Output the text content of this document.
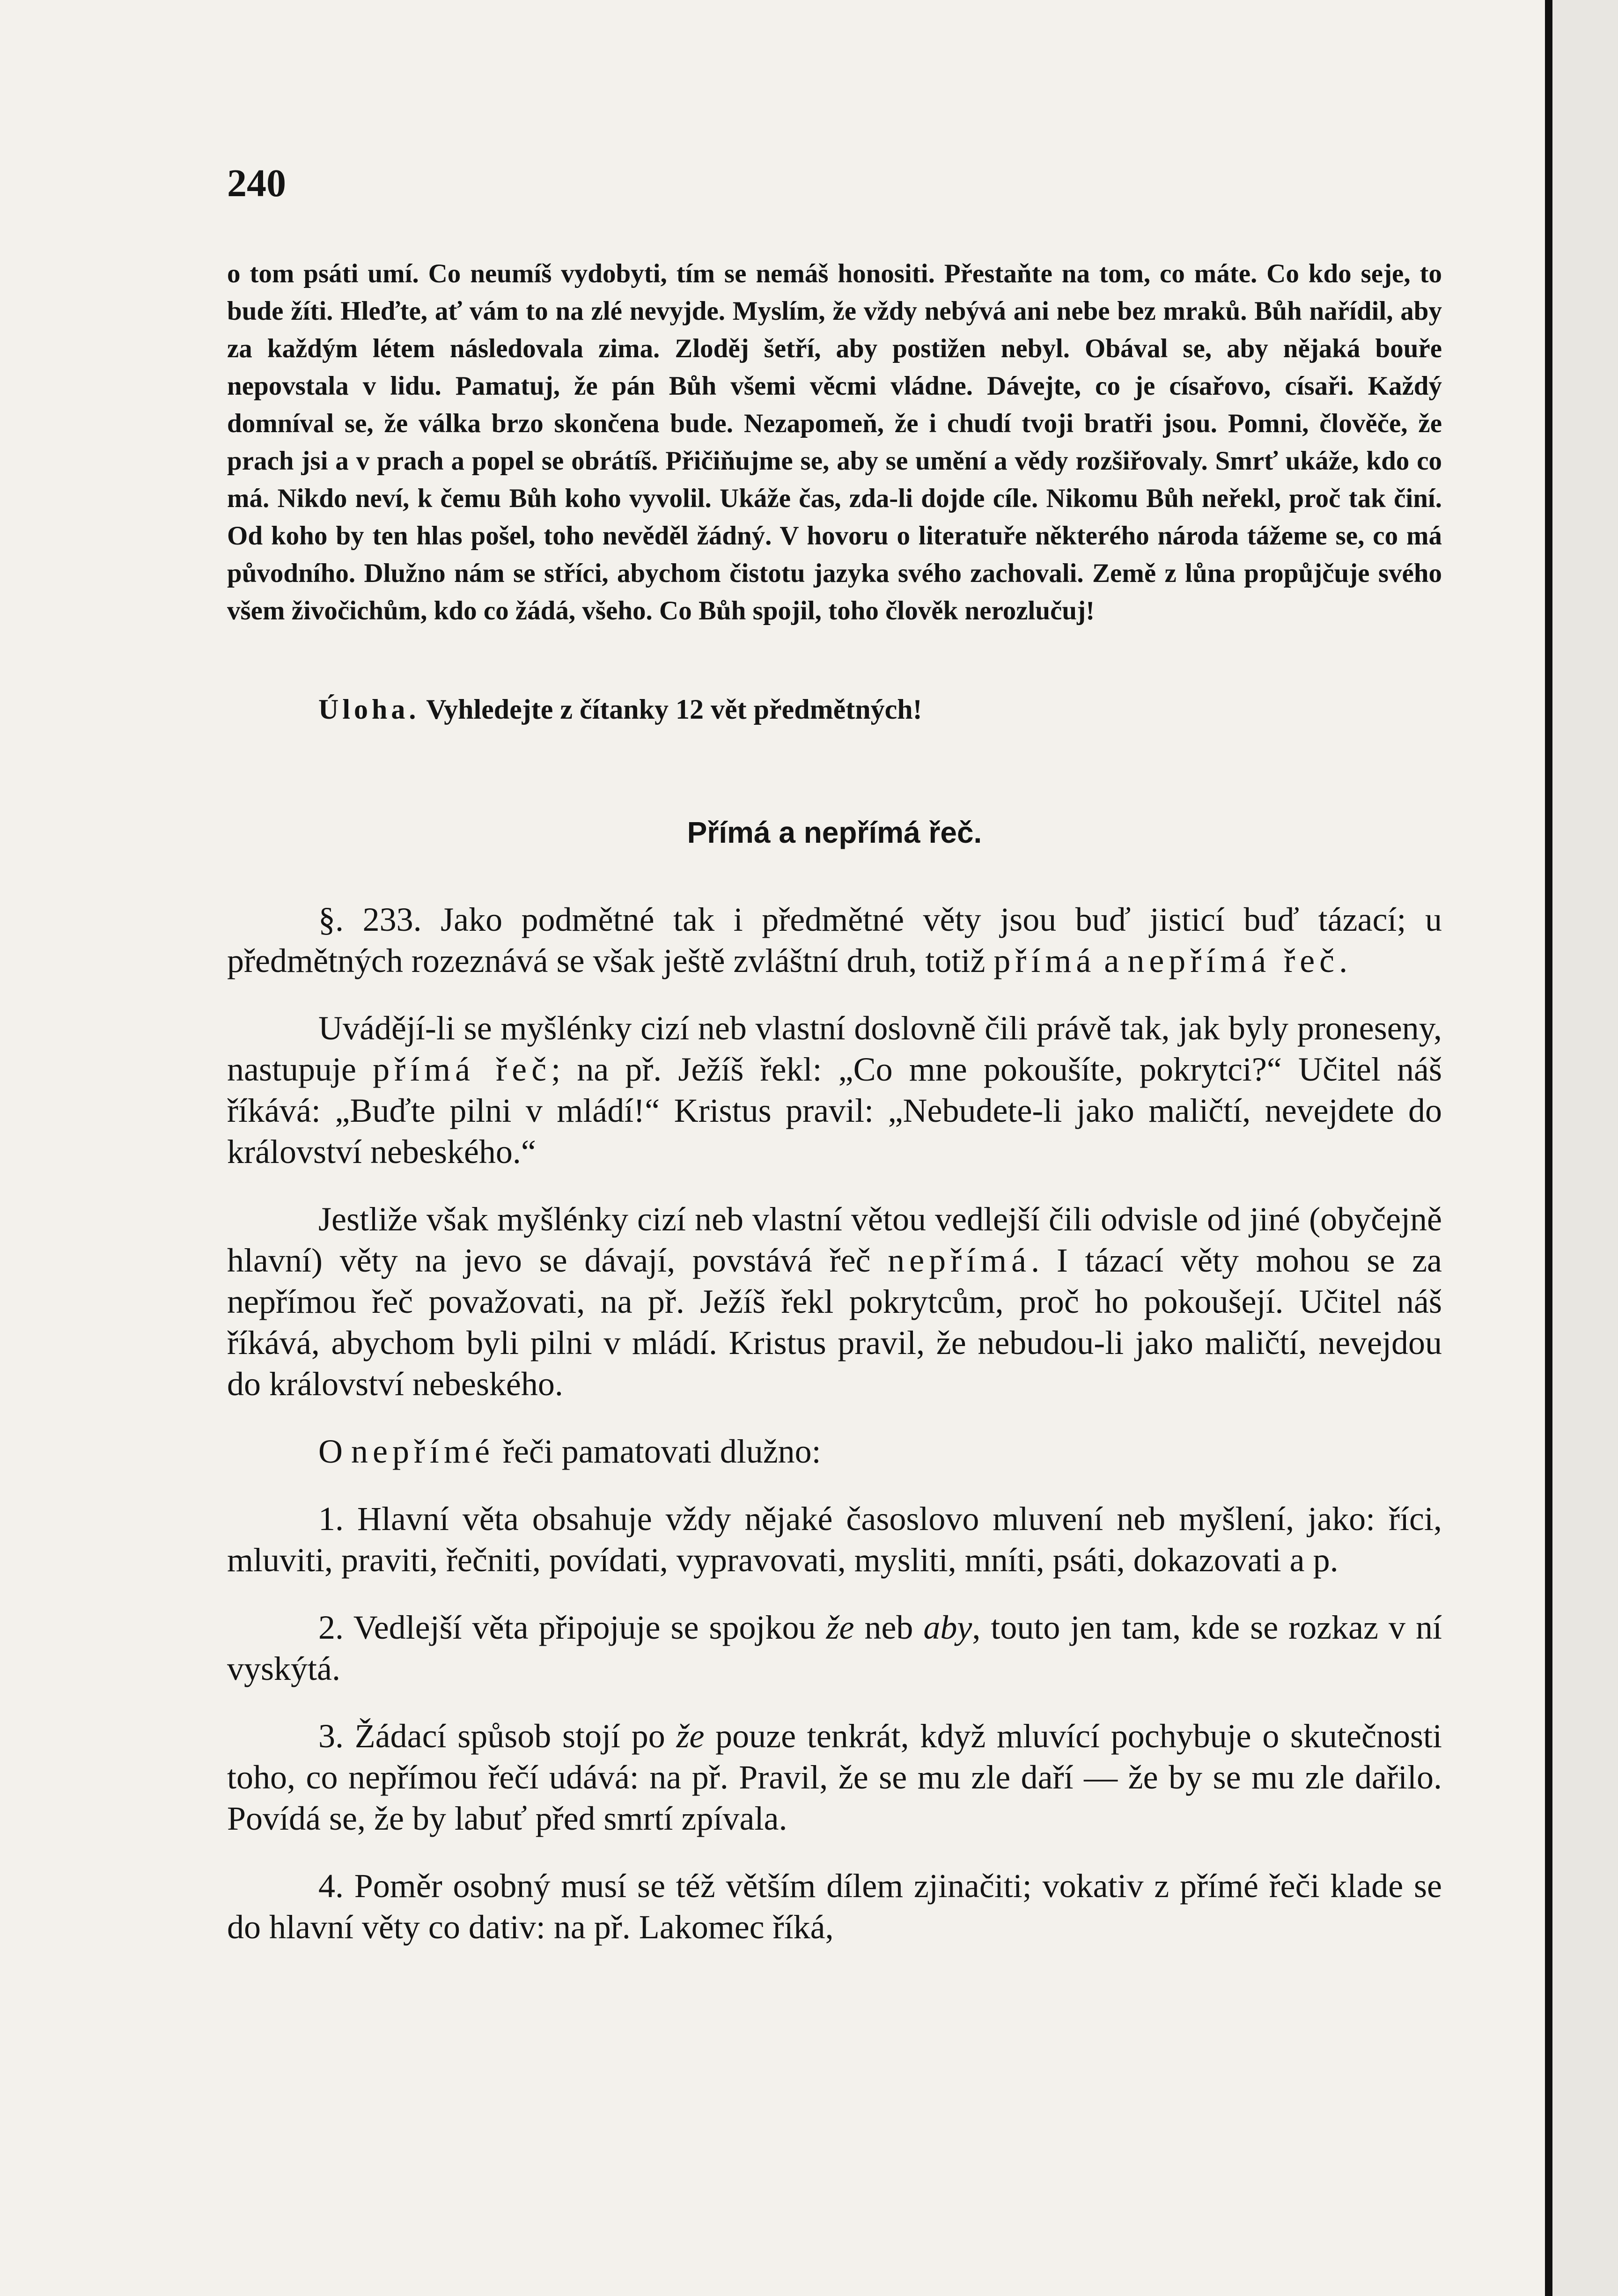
240

o tom psáti umí. Co neumíš vydobyti, tím se nemáš honositi. Přestaňte na tom, co máte. Co kdo seje, to bude žíti. Hleďte, ať vám to na zlé nevyjde. Myslím, že vždy nebývá ani nebe bez mraků. Bůh nařídil, aby za každým létem následovala zima. Zloděj šetří, aby postižen nebyl. Obával se, aby nějaká bouře nepovstala v lidu. Pamatuj, že pán Bůh všemi věcmi vládne. Dávejte, co je císařovo, císaři. Každý domníval se, že válka brzo skončena bude. Nezapomeň, že i chudí tvoji bratři jsou. Pomni, člověče, že prach jsi a v prach a popel se obrátíš. Přičiňujme se, aby se umění a vědy rozšiřovaly. Smrť ukáže, kdo co má. Nikdo neví, k čemu Bůh koho vyvolil. Ukáže čas, zda-li dojde cíle. Nikomu Bůh neřekl, proč tak činí. Od koho by ten hlas pošel, toho nevěděl žádný. V hovoru o literatuře některého národa tážeme se, co má původního. Dlužno nám se stříci, abychom čistotu jazyka svého zachovali. Země z lůna propůjčuje svého všem živočichům, kdo co žádá, všeho. Co Bůh spojil, toho člověk nerozlučuj!

Úloha. Vyhledejte z čítanky 12 vět předmětných!

Přímá a nepřímá řeč.

§. 233. Jako podmětné tak i předmětné věty jsou buď jisticí buď tázací; u předmětných rozeznává se však ještě zvláštní druh, totiž přímá a nepřímá řeč.

Uvádějí-li se myšlénky cizí neb vlastní doslovně čili právě tak, jak byly proneseny, nastupuje přímá řeč; na př. Ježíš řekl: „Co mne pokoušíte, pokrytci?“ Učitel náš říkává: „Buďte pilni v mládí!“ Kristus pravil: „Nebudete-li jako maličtí, nevejdete do království nebeského.“

Jestliže však myšlénky cizí neb vlastní větou vedlejší čili odvisle od jiné (obyčejně hlavní) věty na jevo se dávají, povstává řeč nepřímá. I tázací věty mohou se za nepřímou řeč považovati, na př. Ježíš řekl pokrytcům, proč ho pokoušejí. Učitel náš říkává, abychom byli pilni v mládí. Kristus pravil, že nebudou-li jako maličtí, nevejdou do království nebeského.

O nepřímé řeči pamatovati dlužno:

1. Hlavní věta obsahuje vždy nějaké časoslovo mluvení neb myšlení, jako: říci, mluviti, praviti, řečniti, povídati, vypravovati, mysliti, mníti, psáti, dokazovati a p.

2. Vedlejší věta připojuje se spojkou že neb aby, touto jen tam, kde se rozkaz v ní vyskýtá.

3. Žádací spůsob stojí po že pouze tenkrát, když mluvící pochybuje o skutečnosti toho, co nepřímou řečí udává: na př. Pravil, že se mu zle daří — že by se mu zle dařilo. Povídá se, že by labuť před smrtí zpívala.

4. Poměr osobný musí se též větším dílem zjinačiti; vokativ z přímé řeči klade se do hlavní věty co dativ: na př. Lakomec říká,
